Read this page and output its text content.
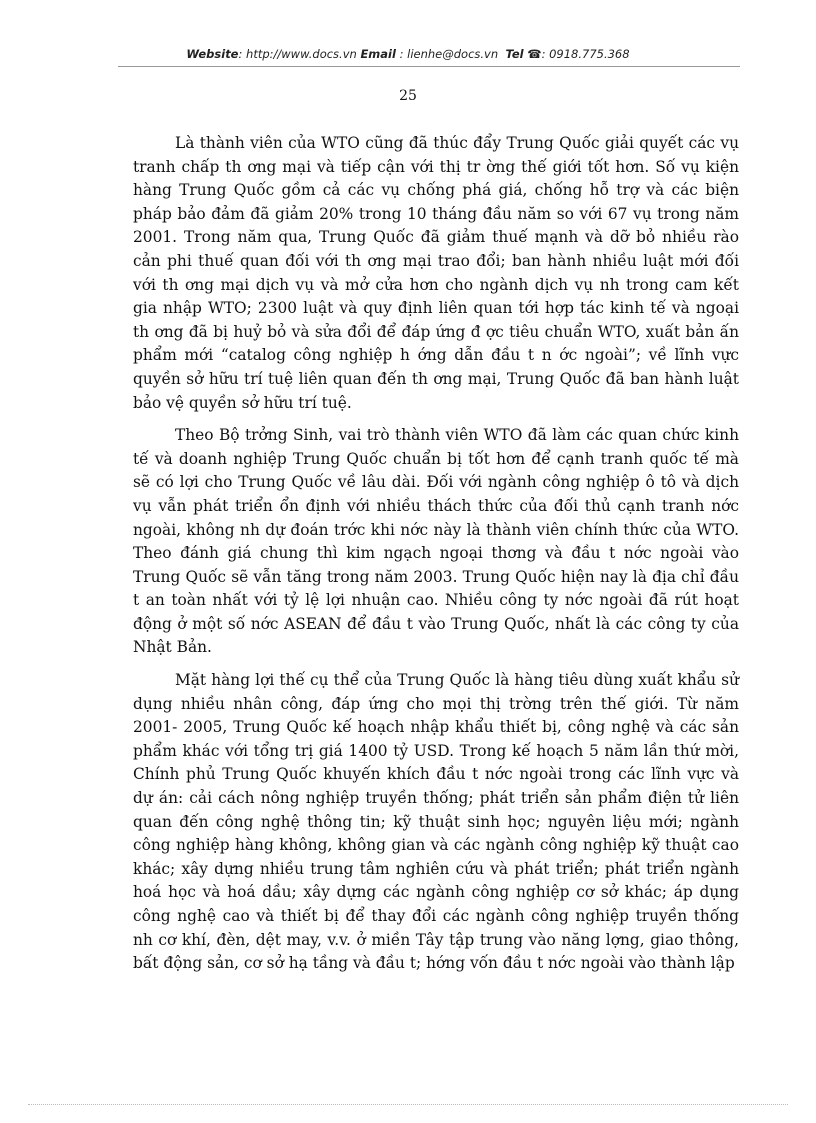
Website: http://www.docs.vn Email : lienhe@docs.vn Tel ☎: 0918.775.368
25

Là thành viên của WTO cũng đã thúc đẩy Trung Quốc giải quyết các vụ tranh chấp th ơng mại và tiếp cận với thị tr ờng thế giới tốt hơn. Số vụ kiện hàng Trung Quốc gồm cả các vụ chống phá giá, chống hỗ trợ và các biện pháp bảo đảm đã giảm 20% trong 10 tháng đầu năm so với 67 vụ trong năm 2001. Trong năm qua, Trung Quốc đã giảm thuế mạnh và dỡ bỏ nhiều rào cản phi thuế quan đối với th ơng mại trao đổi; ban hành nhiều luật mới đối với th ơng mại dịch vụ và mở cửa hơn cho ngành dịch vụ nh trong cam kết gia nhập WTO; 2300 luật và quy định liên quan tới hợp tác kinh tế và ngoại th ơng đã bị huỷ bỏ và sửa đổi để đáp ứng đ ợc tiêu chuẩn WTO, xuất bản ấn phẩm mới “catalog công nghiệp h ớng dẫn đầu t n ớc ngoài”; về lĩnh vực quyền sở hữu trí tuệ liên quan đến th ơng mại, Trung Quốc đã ban hành luật bảo vệ quyền sở hữu trí tuệ.

Theo Bộ trởng Sinh, vai trò thành viên WTO đã làm các quan chức kinh tế và doanh nghiệp Trung Quốc chuẩn bị tốt hơn để cạnh tranh quốc tế mà sẽ có lợi cho Trung Quốc về lâu dài. Đối với ngành công nghiệp ô tô và dịch vụ vẫn phát triển ổn định với nhiều thách thức của đối thủ cạnh tranh nớc ngoài, không nh dự đoán trớc khi nớc này là thành viên chính thức của WTO. Theo đánh giá chung thì kim ngạch ngoại thơng và đầu t nớc ngoài vào Trung Quốc sẽ vẫn tăng trong năm 2003. Trung Quốc hiện nay là địa chỉ đầu t an toàn nhất với tỷ lệ lợi nhuận cao. Nhiều công ty nớc ngoài đã rút hoạt động ở một số nớc ASEAN để đầu t vào Trung Quốc, nhất là các công ty của Nhật Bản.

Mặt hàng lợi thế cụ thể của Trung Quốc là hàng tiêu dùng xuất khẩu sử dụng nhiều nhân công, đáp ứng cho mọi thị trờng trên thế giới. Từ năm 2001- 2005, Trung Quốc kế hoạch nhập khẩu thiết bị, công nghệ và các sản phẩm khác với tổng trị giá 1400 tỷ USD. Trong kế hoạch 5 năm lần thứ mời, Chính phủ Trung Quốc khuyến khích đầu t nớc ngoài trong các lĩnh vực và dự án: cải cách nông nghiệp truyền thống; phát triển sản phẩm điện tử liên quan đến công nghệ thông tin; kỹ thuật sinh học; nguyên liệu mới; ngành công nghiệp hàng không, không gian và các ngành công nghiệp kỹ thuật cao khác; xây dựng nhiều trung tâm nghiên cứu và phát triển; phát triển ngành hoá học và hoá dầu; xây dựng các ngành công nghiệp cơ sở khác; áp dụng công nghệ cao và thiết bị để thay đổi các ngành công nghiệp truyền thống nh cơ khí, đèn, dệt may, v.v. ở miền Tây tập trung vào năng lợng, giao thông, bất động sản, cơ sở hạ tầng và đầu t; hớng vốn đầu t nớc ngoài vào thành lập
